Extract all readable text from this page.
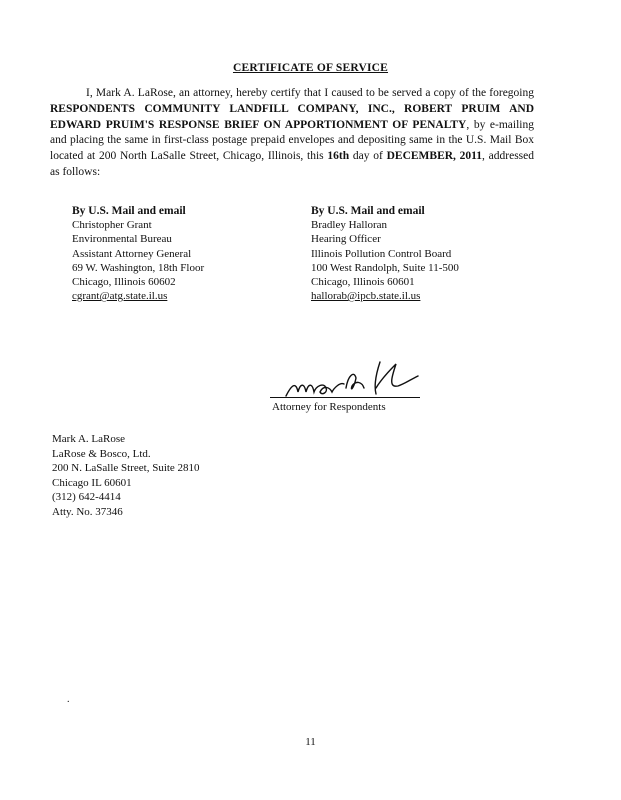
CERTIFICATE OF SERVICE
I, Mark A. LaRose, an attorney, hereby certify that I caused to be served a copy of the foregoing RESPONDENTS COMMUNITY LANDFILL COMPANY, INC., ROBERT PRUIM AND EDWARD PRUIM'S RESPONSE BRIEF ON APPORTIONMENT OF PENALTY, by e-mailing and placing the same in first-class postage prepaid envelopes and depositing same in the U.S. Mail Box located at 200 North LaSalle Street, Chicago, Illinois, this 16th day of DECEMBER, 2011, addressed as follows:
By U.S. Mail and email
Christopher Grant
Environmental Bureau
Assistant Attorney General
69 W. Washington, 18th Floor
Chicago, Illinois 60602
cgrant@atg.state.il.us
By U.S. Mail and email
Bradley Halloran
Hearing Officer
Illinois Pollution Control Board
100 West Randolph, Suite 11-500
Chicago, Illinois 60601
hallorab@ipcb.state.il.us
Attorney for Respondents
Mark A. LaRose
LaRose & Bosco, Ltd.
200 N. LaSalle Street, Suite 2810
Chicago IL 60601
(312) 642-4414
Atty. No. 37346
.
11
